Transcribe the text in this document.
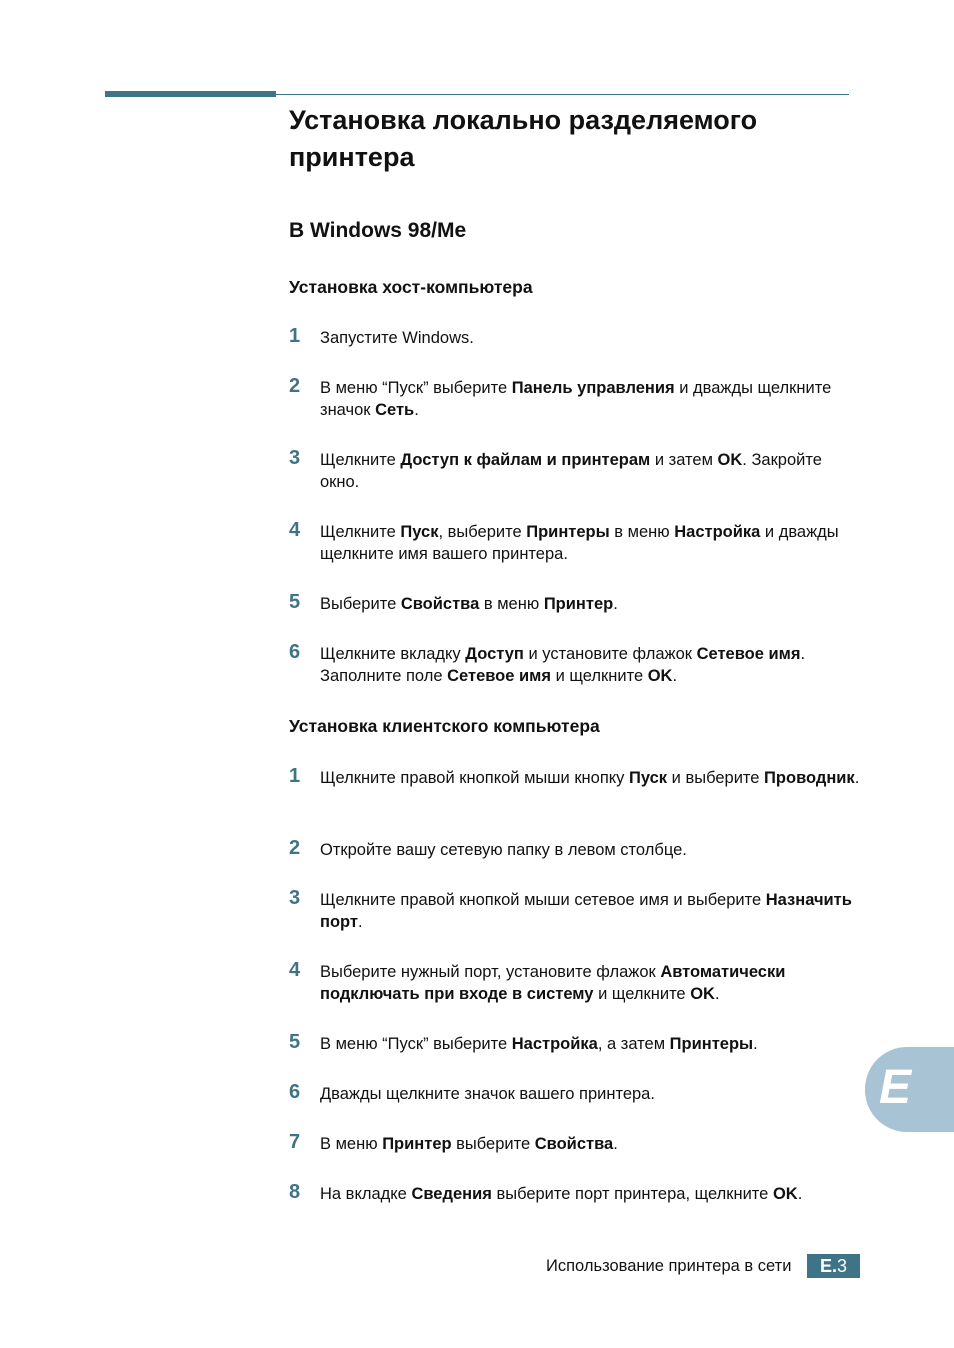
Установка локально разделяемого принтера
В Windows 98/Me
Установка хост-компьютера
1 Запустите Windows.
2 В меню “Пуск” выберите Панель управления и дважды щелкните значок Сеть.
3 Щелкните Доступ к файлам и принтерам и затем OK. Закройте окно.
4 Щелкните Пуск, выберите Принтеры в меню Настройка и дважды щелкните имя вашего принтера.
5 Выберите Свойства в меню Принтер.
6 Щелкните вкладку Доступ и установите флажок Сетевое имя. Заполните поле Сетевое имя и щелкните OK.
Установка клиентского компьютера
1 Щелкните правой кнопкой мыши кнопку Пуск и выберите Проводник.
2 Откройте вашу сетевую папку в левом столбце.
3 Щелкните правой кнопкой мыши сетевое имя и выберите Назначить порт.
4 Выберите нужный порт, установите флажок Автоматически подключать при входе в систему и щелкните OK.
5 В меню “Пуск” выберите Настройка, а затем Принтеры.
6 Дважды щелкните значок вашего принтера.
7 В меню Принтер выберите Свойства.
8 На вкладке Сведения выберите порт принтера, щелкните OK.
E
Использование принтера в сети	E.3
